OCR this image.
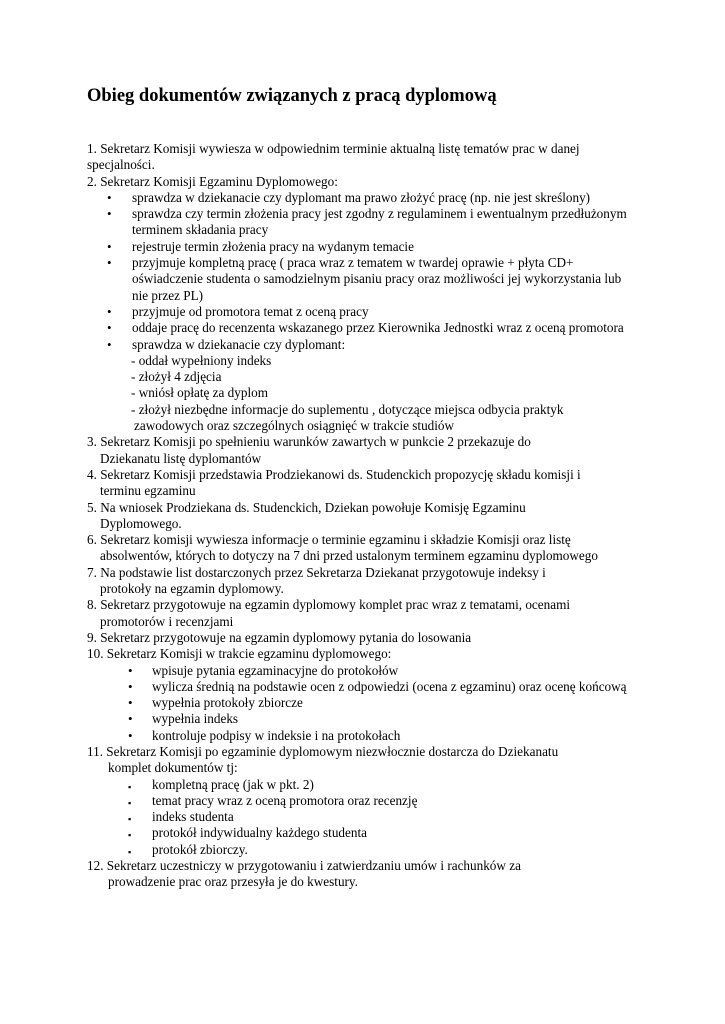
Obieg dokumentów związanych z pracą dyplomową
1. Sekretarz Komisji wywiesza w odpowiednim terminie aktualną listę tematów prac w danej
specjalności.
2. Sekretarz Komisji Egzaminu Dyplomowego:
• sprawdza w dziekanacie czy dyplomant ma prawo złożyć pracę (np. nie jest skreślony)
• sprawdza czy termin złożenia pracy jest zgodny z regulaminem i ewentualnym przedłużonym
terminem składania pracy
• rejestruje termin złożenia pracy na wydanym temacie
• przyjmuje kompletną pracę ( praca wraz z tematem w twardej oprawie + płyta CD+
oświadczenie studenta o samodzielnym pisaniu pracy oraz możliwości jej wykorzystania lub
nie przez PL)
• przyjmuje od promotora temat z oceną pracy
• oddaje pracę do recenzenta wskazanego przez Kierownika Jednostki wraz z oceną promotora
• sprawdza w dziekanacie czy dyplomant:
- oddał wypełniony indeks
- złożył 4 zdjęcia
- wniósł opłatę za dyplom
- złożył niezbędne informacje do suplementu , dotyczące miejsca odbycia praktyk
zawodowych oraz szczególnych osiągnięć w trakcie studiów
3. Sekretarz Komisji po spełnieniu warunków zawartych w punkcie 2 przekazuje do
Dziekanatu listę dyplomantów
4. Sekretarz Komisji przedstawia Prodziekanowi ds. Studenckich propozycję składu komisji i
terminu egzaminu
5. Na wniosek Prodziekana ds. Studenckich, Dziekan powołuje Komisję Egzaminu
Dyplomowego.
6. Sekretarz komisji wywiesza informacje o terminie egzaminu i składzie Komisji oraz listę
absolwentów, których to dotyczy na 7 dni przed ustalonym terminem egzaminu dyplomowego
7. Na podstawie list dostarczonych przez Sekretarza Dziekanat przygotowuje indeksy i
protokoły na egzamin dyplomowy.
8. Sekretarz przygotowuje na egzamin dyplomowy komplet prac wraz z tematami, ocenami
promotorów i recenzjami
9. Sekretarz przygotowuje na egzamin dyplomowy pytania do losowania
10. Sekretarz Komisji w trakcie egzaminu dyplomowego:
• wpisuje pytania egzaminacyjne do protokołów
• wylicza średnią na podstawie ocen z odpowiedzi (ocena z egzaminu) oraz ocenę końcową
• wypełnia protokoły zbiorcze
• wypełnia indeks
• kontroluje podpisy w indeksie i na protokołach
11. Sekretarz Komisji po egzaminie dyplomowym niezwłocznie dostarcza do Dziekanatu
komplet dokumentów tj:
▪ kompletną pracę (jak w pkt. 2)
▪ temat pracy wraz z oceną promotora oraz recenzję
▪ indeks studenta
▪ protokół indywidualny każdego studenta
▪ protokół zbiorczy.
12. Sekretarz uczestniczy w przygotowaniu i zatwierdzaniu umów i rachunków za
prowadzenie prac oraz przesyła je do kwestury.
